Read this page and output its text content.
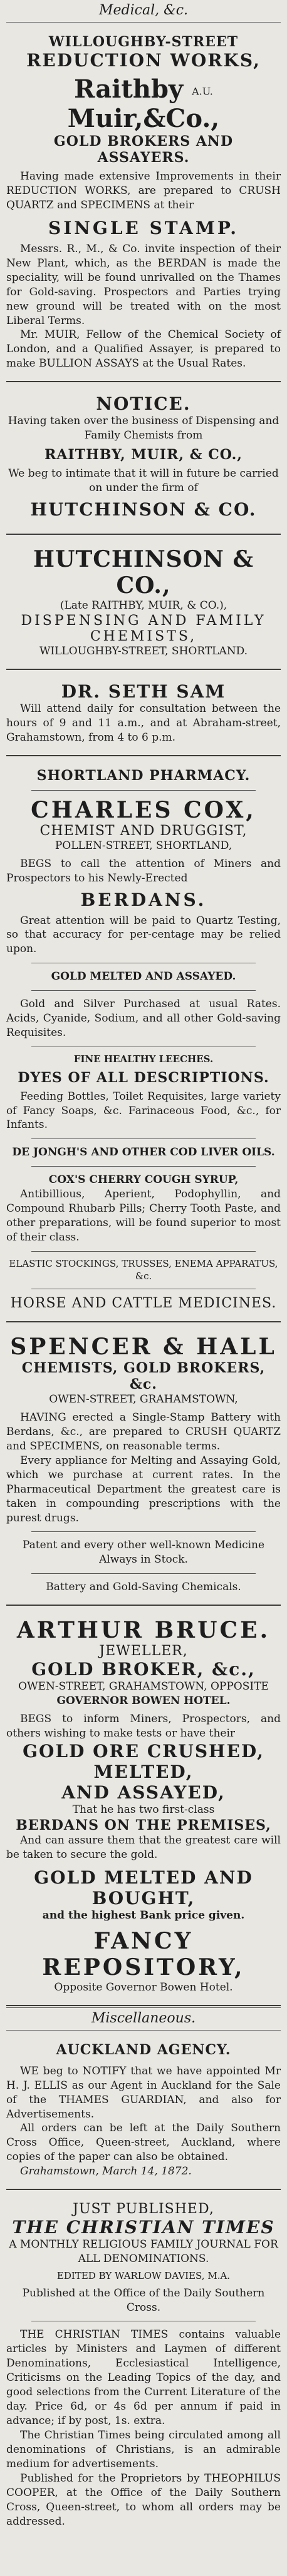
Medical, &c.
WILLOUGHBY-STREET
REDUCTION WORKS,
Raithby A.U. Muir,&Co.,
GOLD BROKERS AND ASSAYERS.
Having made extensive Improvements in their REDUCTION WORKS, are prepared to CRUSH QUARTZ and SPECIMENS at their
SINGLE STAMP.
Messrs. R., M., & Co. invite inspection of their New Plant, which, as the BERDAN is made the speciality, will be found unrivalled on the Thames for Gold-saving. Prospectors and Parties trying new ground will be treated with on the most Liberal Terms.
Mr. MUIR, Fellow of the Chemical Society of London, and a Qualified Assayer, is prepared to make BULLION ASSAYS at the Usual Rates.
NOTICE.
Having taken over the business of Dispensing and Family Chemists from
RAITHBY, MUIR, & CO.,
We beg to intimate that it will in future be carried on under the firm of
HUTCHINSON & CO.
HUTCHINSON & CO.,
(Late RAITHBY, MUIR, & CO.),
DISPENSING AND FAMILY
CHEMISTS,
WILLOUGHBY-STREET, SHORTLAND.
DR. SETH SAM
Will attend daily for consultation between the hours of 9 and 11 a.m., and at Abraham-street, Grahamstown, from 4 to 6 p.m.
SHORTLAND PHARMACY.
CHARLES COX,
CHEMIST AND DRUGGIST,
POLLEN-STREET, SHORTLAND,
BEGS to call the attention of Miners and Prospectors to his Newly-Erected
BERDANS.
Great attention will be paid to Quartz Testing, so that accuracy for per-centage may be relied upon.
GOLD MELTED AND ASSAYED.
Gold and Silver Purchased at usual Rates. Acids, Cyanide, Sodium, and all other Gold-saving Requisites.
FINE HEALTHY LEECHES.
DYES OF ALL DESCRIPTIONS.
Feeding Bottles, Toilet Requisites, large variety of Fancy Soaps, &c. Farinaceous Food, &c., for Infants.
DE JONGH'S AND OTHER COD LIVER OILS.
COX'S CHERRY COUGH SYRUP,
Antibillious, Aperient, Podophyllin, and Compound Rhubarb Pills; Cherry Tooth Paste, and other preparations, will be found superior to most of their class.
ELASTIC STOCKINGS, TRUSSES, ENEMA APPARATUS, &c.
HORSE AND CATTLE MEDICINES.
SPENCER & HALL
CHEMISTS, GOLD BROKERS, &c.
OWEN-STREET, GRAHAMSTOWN,
HAVING erected a Single-Stamp Battery with Berdans, &c., are prepared to CRUSH QUARTZ and SPECIMENS, on reasonable terms.
Every appliance for Melting and Assaying Gold, which we purchase at current rates. In the Pharmaceutical Department the greatest care is taken in compounding prescriptions with the purest drugs.
Patent and every other well-known Medicine Always in Stock.
Battery and Gold-Saving Chemicals.
ARTHUR BRUCE.
JEWELLER,
GOLD BROKER, &c.,
OWEN-STREET, GRAHAMSTOWN, OPPOSITE
GOVERNOR BOWEN HOTEL.
BEGS to inform Miners, Prospectors, and others wishing to make tests or have their
GOLD ORE CRUSHED, MELTED,
AND ASSAYED,
That he has two first-class
BERDANS ON THE PREMISES,
And can assure them that the greatest care will be taken to secure the gold.
GOLD MELTED AND BOUGHT,
and the highest Bank price given.
FANCY REPOSITORY,
Opposite Governor Bowen Hotel.
Miscellaneous.
AUCKLAND AGENCY.
WE beg to NOTIFY that we have appointed Mr H. J. ELLIS as our Agent in Auckland for the Sale of the THAMES GUARDIAN, and also for Advertisements.
All orders can be left at the Daily Southern Cross Office, Queen-street, Auckland, where copies of the paper can also be obtained.
Grahamstown, March 14, 1872.
JUST PUBLISHED,
THE CHRISTIAN TIMES
A MONTHLY RELIGIOUS FAMILY JOURNAL FOR ALL DENOMINATIONS.
EDITED BY WARLOW DAVIES, M.A.
Published at the Office of the Daily Southern Cross.
THE CHRISTIAN TIMES contains valuable articles by Ministers and Laymen of different Denominations, Ecclesiastical Intelligence, Criticisms on the Leading Topics of the day, and good selections from the Current Literature of the day. Price 6d, or 4s 6d per annum if paid in advance; if by post, 1s. extra.
The Christian Times being circulated among all denominations of Christians, is an admirable medium for advertisements.
Published for the Proprietors by THEOPHILUS COOPER, at the Office of the Daily Southern Cross, Queen-street, to whom all orders may be addressed.
